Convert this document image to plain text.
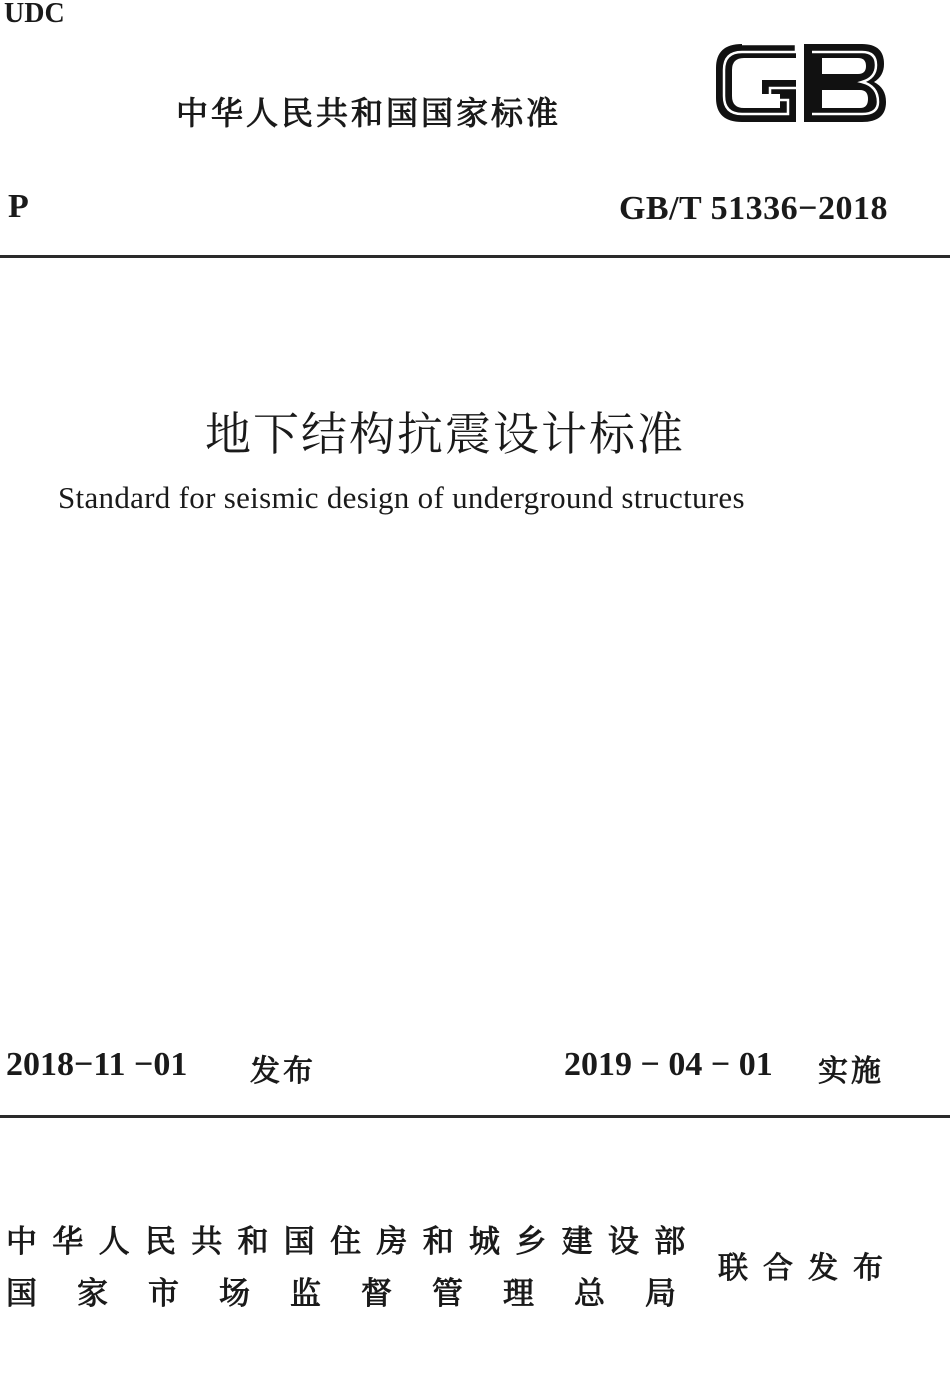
UDC
中华人民共和国国家标准
P	GB/T 51336−2018
地下结构抗震设计标准
Standard for seismic design of underground structures
2018−11 −01 发布	2019 − 04 − 01 实施
中华人民共和国住房和城乡建设部
国家市场监督管理总局
联合发布
